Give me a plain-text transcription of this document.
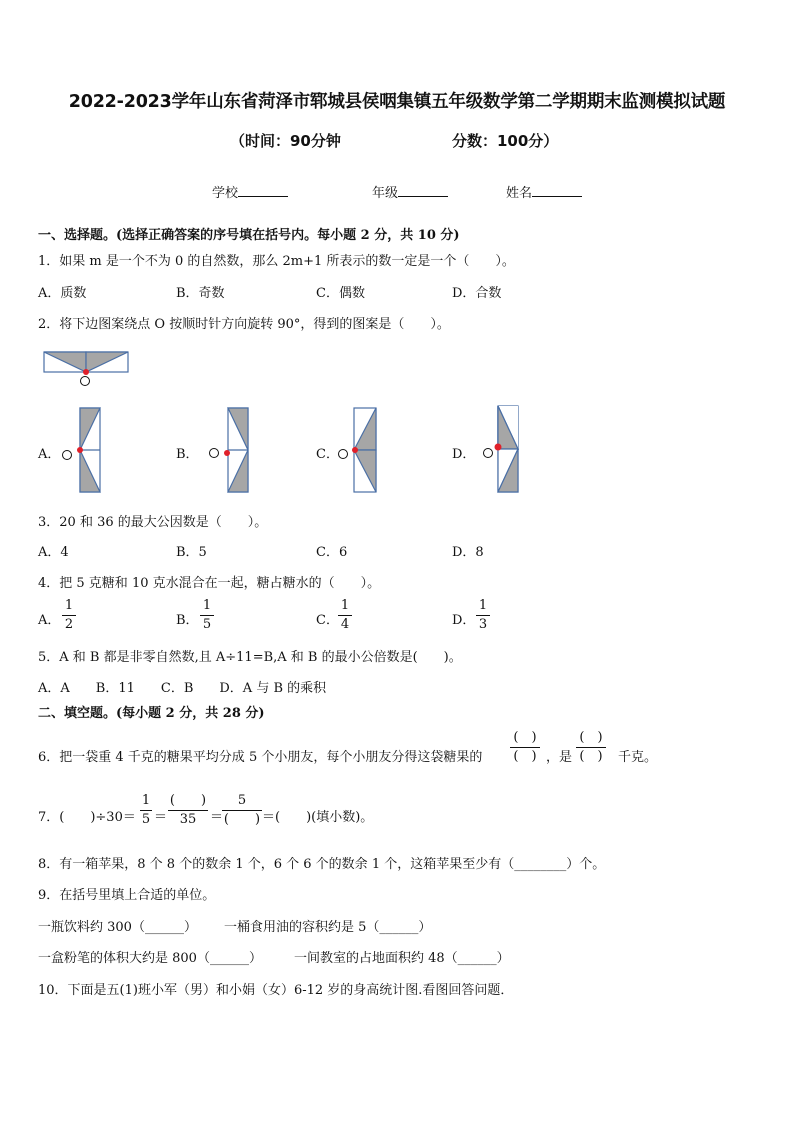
2022-2023学年山东省菏泽市郓城县侯咽集镇五年级数学第二学期期末监测模拟试题
（时间：90分钟	分数：100分）
学校	年级	姓名
一、选择题。(选择正确答案的序号填在括号内。每小题 2 分，共 10 分)
1．如果 m 是一个不为 0 的自然数，那么 2m+1 所表示的数一定是一个（　　）。
A．质数	B．奇数	C．偶数	D．合数
2．将下边图案绕点 O 按顺时针方向旋转 90°，得到的图案是（　　）。
A．	B．	C．	D．
3．20 和 36 的最大公因数是（　　）。
A．4	B．5	C．6	D．8
4．把 5 克糖和 10 克水混合在一起，糖占糖水的（　　）。
A．
1
2	B．
1
5	C．
1
4	D．
1
3
5．A 和 B 都是非零自然数,且 A÷11=B,A 和 B 的最小公倍数是(　　)。
A．A　　B．11　　C．B　　D．A 与 B 的乘积
二、填空题。(每小题 2 分，共 28 分)
6．把一袋重 4 千克的糖果平均分成 5 个小朋友，每个小朋友分得这袋糖果的
(　)
(　) ，是
(　)
(　) 千克。
7．(　　)÷30＝
1
5 ＝
(　　)
35	＝
5
(　　) ＝(　　)(填小数)。
8．有一箱苹果，8 个 8 个的数余 1 个，6 个 6 个的数余 1 个，这箱苹果至少有（________）个。
9．在括号里填上合适的单位。
一瓶饮料约 300（______） 一桶食用油的容积约是 5（______）
一盒粉笔的体积大约是 800（______） 一间教室的占地面积约 48（______）
10．下面是五(1)班小军（男）和小娟（女）6-12 岁的身高统计图.看图回答问题．
